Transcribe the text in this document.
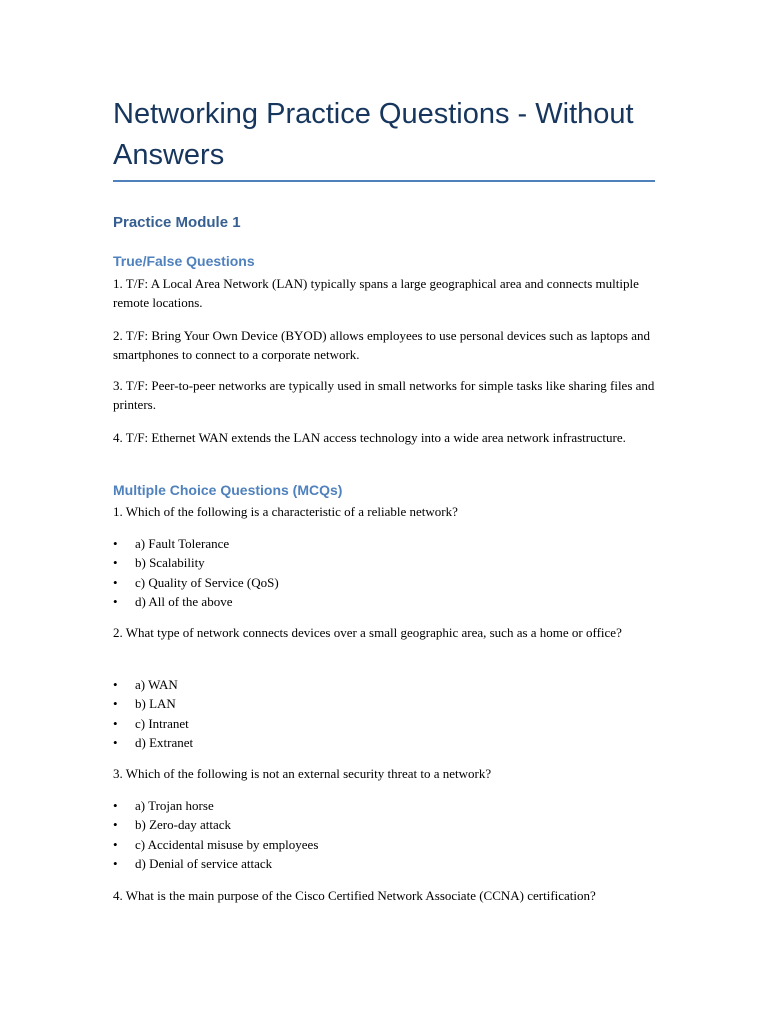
Networking Practice Questions - Without Answers
Practice Module 1
True/False Questions

1. T/F: A Local Area Network (LAN) typically spans a large geographical area and connects multiple remote locations.

2. T/F: Bring Your Own Device (BYOD) allows employees to use personal devices such as laptops and smartphones to connect to a corporate network.

3. T/F: Peer-to-peer networks are typically used in small networks for simple tasks like sharing files and printers.

4. T/F: Ethernet WAN extends the LAN access technology into a wide area network infrastructure.

Multiple Choice Questions (MCQs)

1. Which of the following is a characteristic of a reliable network?

• a) Fault Tolerance
• b) Scalability
• c) Quality of Service (QoS)
• d) All of the above

2. What type of network connects devices over a small geographic area, such as a home or office?

• a) WAN
• b) LAN
• c) Intranet
• d) Extranet

3. Which of the following is not an external security threat to a network?

• a) Trojan horse
• b) Zero-day attack
• c) Accidental misuse by employees
• d) Denial of service attack

4. What is the main purpose of the Cisco Certified Network Associate (CCNA) certification?
